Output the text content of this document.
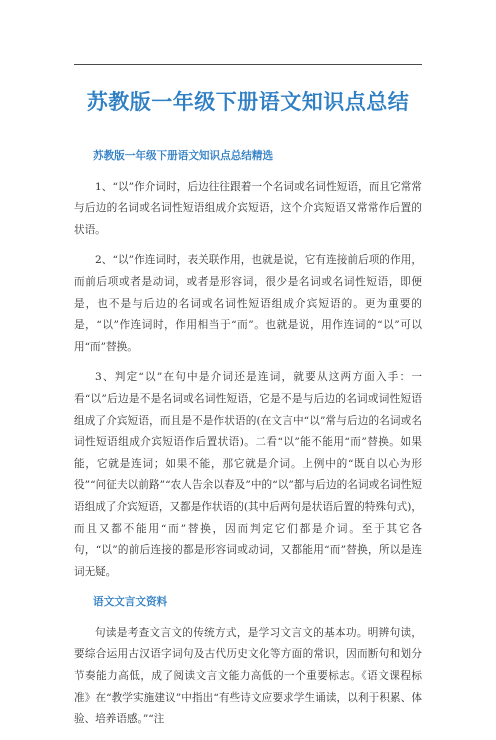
苏教版一年级下册语文知识点总结
苏教版一年级下册语文知识点总结精选

1、“以”作介词时，后边往往跟着一个名词或名词性短语，而且它常常与后边的名词或名词性短语组成介宾短语，这个介宾短语又常常作后置的状语。

2、“以”作连词时，表关联作用，也就是说，它有连接前后项的作用，而前后项或者是动词，或者是形容词，很少是名词或名词性短语，即便是，也不是与后边的名词或名词性短语组成介宾短语的。更为重要的是，“以”作连词时，作用相当于“而”。也就是说，用作连词的“以”可以用“而”替换。

3、判定“以”在句中是介词还是连词，就要从这两方面入手：一看“以”后边是不是名词或名词性短语，它是不是与后边的名词或词性短语组成了介宾短语，而且是不是作状语的(在文言中“以”常与后边的名词或名词性短语组成介宾短语作后置状语)。二看“以”能不能用“而”替换。如果能，它就是连词；如果不能，那它就是介词。上例中的“既自以心为形役”“问征夫以前路”“农人告余以春及”中的“以”都与后边的名词或名词性短语组成了介宾短语，又都是作状语的(其中后两句是状语后置的特殊句式)，而且又都不能用“而”替换，因而判定它们都是介词。至于其它各句，“以”的前后连接的都是形容词或动词，又都能用“而”替换，所以是连词无疑。

语文文言文资料

句读是考查文言文的传统方式，是学习文言文的基本功。明辨句读，要综合运用古汉语字词句及古代历史文化等方面的常识，因而断句和划分节奏能力高低，成了阅读文言文能力高低的一个重要标志。《语文课程标准》在“教学实施建议”中指出“有些诗文应要求学生诵读，以利于积累、体验、培养语感。”“注
